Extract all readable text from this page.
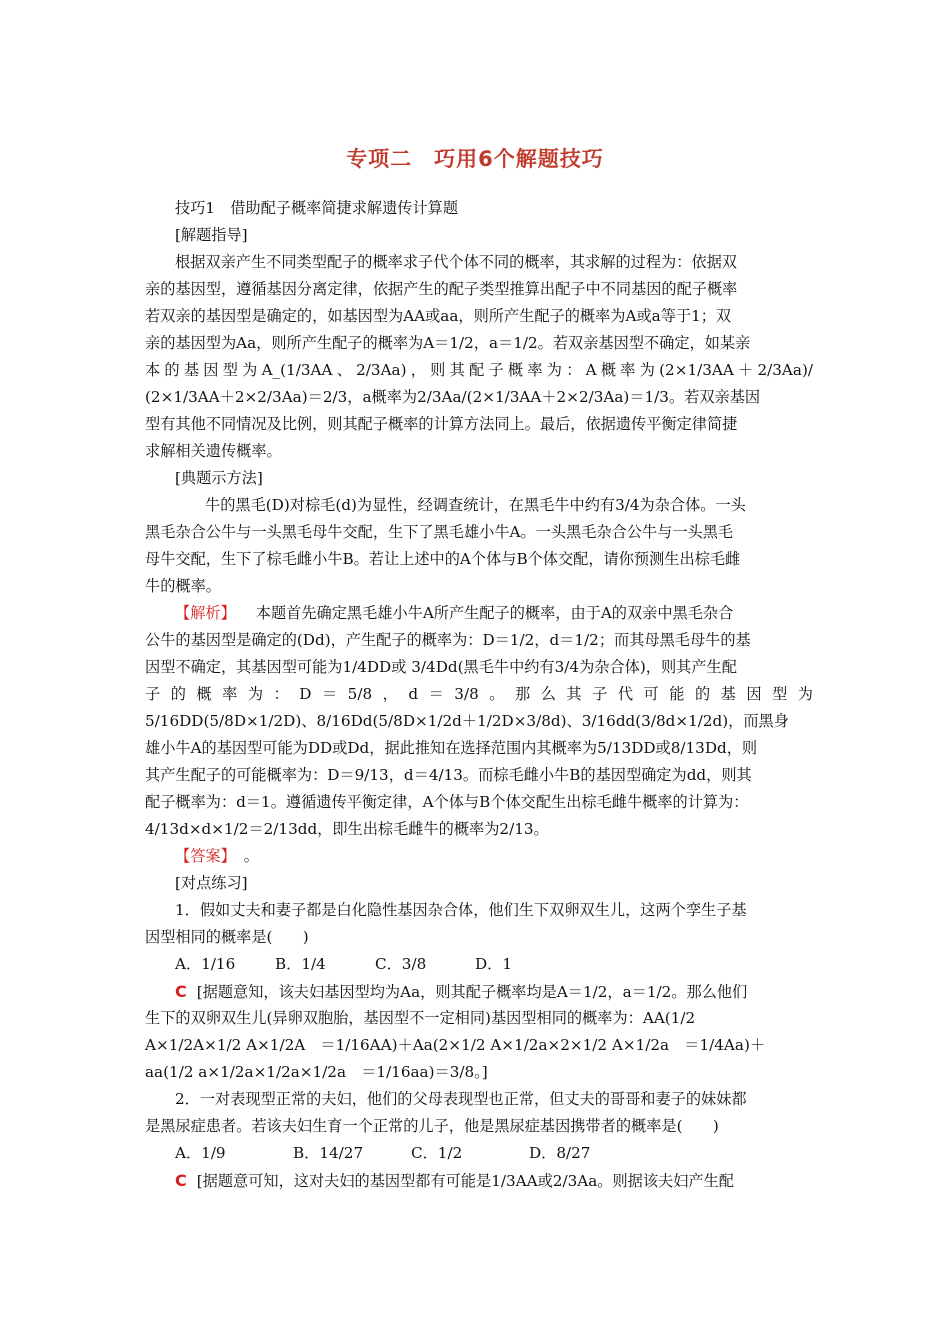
专项二　巧用6个解题技巧
技巧1　借助配子概率简捷求解遗传计算题
[解题指导]
根据双亲产生不同类型配子的概率求子代个体不同的概率，其求解的过程为：依据双
亲的基因型，遵循基因分离定律，依据产生的配子类型推算出配子中不同基因的配子概率
若双亲的基因型是确定的，如基因型为AA或aa，则所产生配子的概率为A或a等于1；双
亲的基因型为Aa，则所产生配子的概率为A＝1/2，a＝1/2。若双亲基因型不确定，如某亲
本的基因型为A_(1/3AA、2/3Aa)，则其配子概率为：A概率为(2×1/3AA＋2/3Aa)/
(2×1/3AA＋2×2/3Aa)＝2/3，a概率为2/3Aa/(2×1/3AA＋2×2/3Aa)＝1/3。若双亲基因
型有其他不同情况及比例，则其配子概率的计算方法同上。最后，依据遗传平衡定律简捷
求解相关遗传概率。
[典题示方法]
牛的黑毛(D)对棕毛(d)为显性，经调查统计，在黑毛牛中约有3/4为杂合体。一头
黑毛杂合公牛与一头黑毛母牛交配，生下了黑毛雄小牛A。一头黑毛杂合公牛与一头黑毛
母牛交配，生下了棕毛雌小牛B。若让上述中的A个体与B个体交配，请你预测生出棕毛雌
牛的概率。
【解析】 本题首先确定黑毛雄小牛A所产生配子的概率，由于A的双亲中黑毛杂合
公牛的基因型是确定的(Dd)，产生配子的概率为：D＝1/2，d＝1/2；而其母黑毛母牛的基
因型不确定，其基因型可能为1/4DD或 3/4Dd(黑毛牛中约有3/4为杂合体)，则其产生配
子的概率为：D＝5/8，d＝3/8。那么其子代可能的基因型为
5/16DD(5/8D×1/2D)、8/16Dd(5/8D×1/2d＋1/2D×3/8d)、3/16dd(3/8d×1/2d)，而黑身
雄小牛A的基因型可能为DD或Dd，据此推知在选择范围内其概率为5/13DD或8/13Dd，则
其产生配子的可能概率为：D＝9/13，d＝4/13。而棕毛雌小牛B的基因型确定为dd，则其
配子概率为：d＝1。遵循遗传平衡定律，A个体与B个体交配生出棕毛雌牛概率的计算为：
4/13d×d×1/2＝2/13dd，即生出棕毛雌牛的概率为2/13。
【答案】 。
[对点练习]
1．假如丈夫和妻子都是白化隐性基因杂合体，他们生下双卵双生儿，这两个孪生子基
因型相同的概率是(　　)
A．1/16	B．1/4	C．3/8	D．1
C [据题意知，该夫妇基因型均为Aa，则其配子概率均是A＝1/2，a＝1/2。那么他们
生下的双卵双生儿(异卵双胞胎，基因型不一定相同)基因型相同的概率为：AA(1/2
A×1/2A×1/2 A×1/2A　＝1/16AA)＋Aa(2×1/2 A×1/2a×2×1/2 A×1/2a　＝1/4Aa)＋
aa(1/2 a×1/2a×1/2a×1/2a　＝1/16aa)＝3/8。]
2．一对表现型正常的夫妇，他们的父母表现型也正常，但丈夫的哥哥和妻子的妹妹都
是黑尿症患者。若该夫妇生育一个正常的儿子，他是黑尿症基因携带者的概率是(　　)
A．1/9	B．14/27	C．1/2	D．8/27
C [据题意可知，这对夫妇的基因型都有可能是1/3AA或2/3Aa。则据该夫妇产生配
